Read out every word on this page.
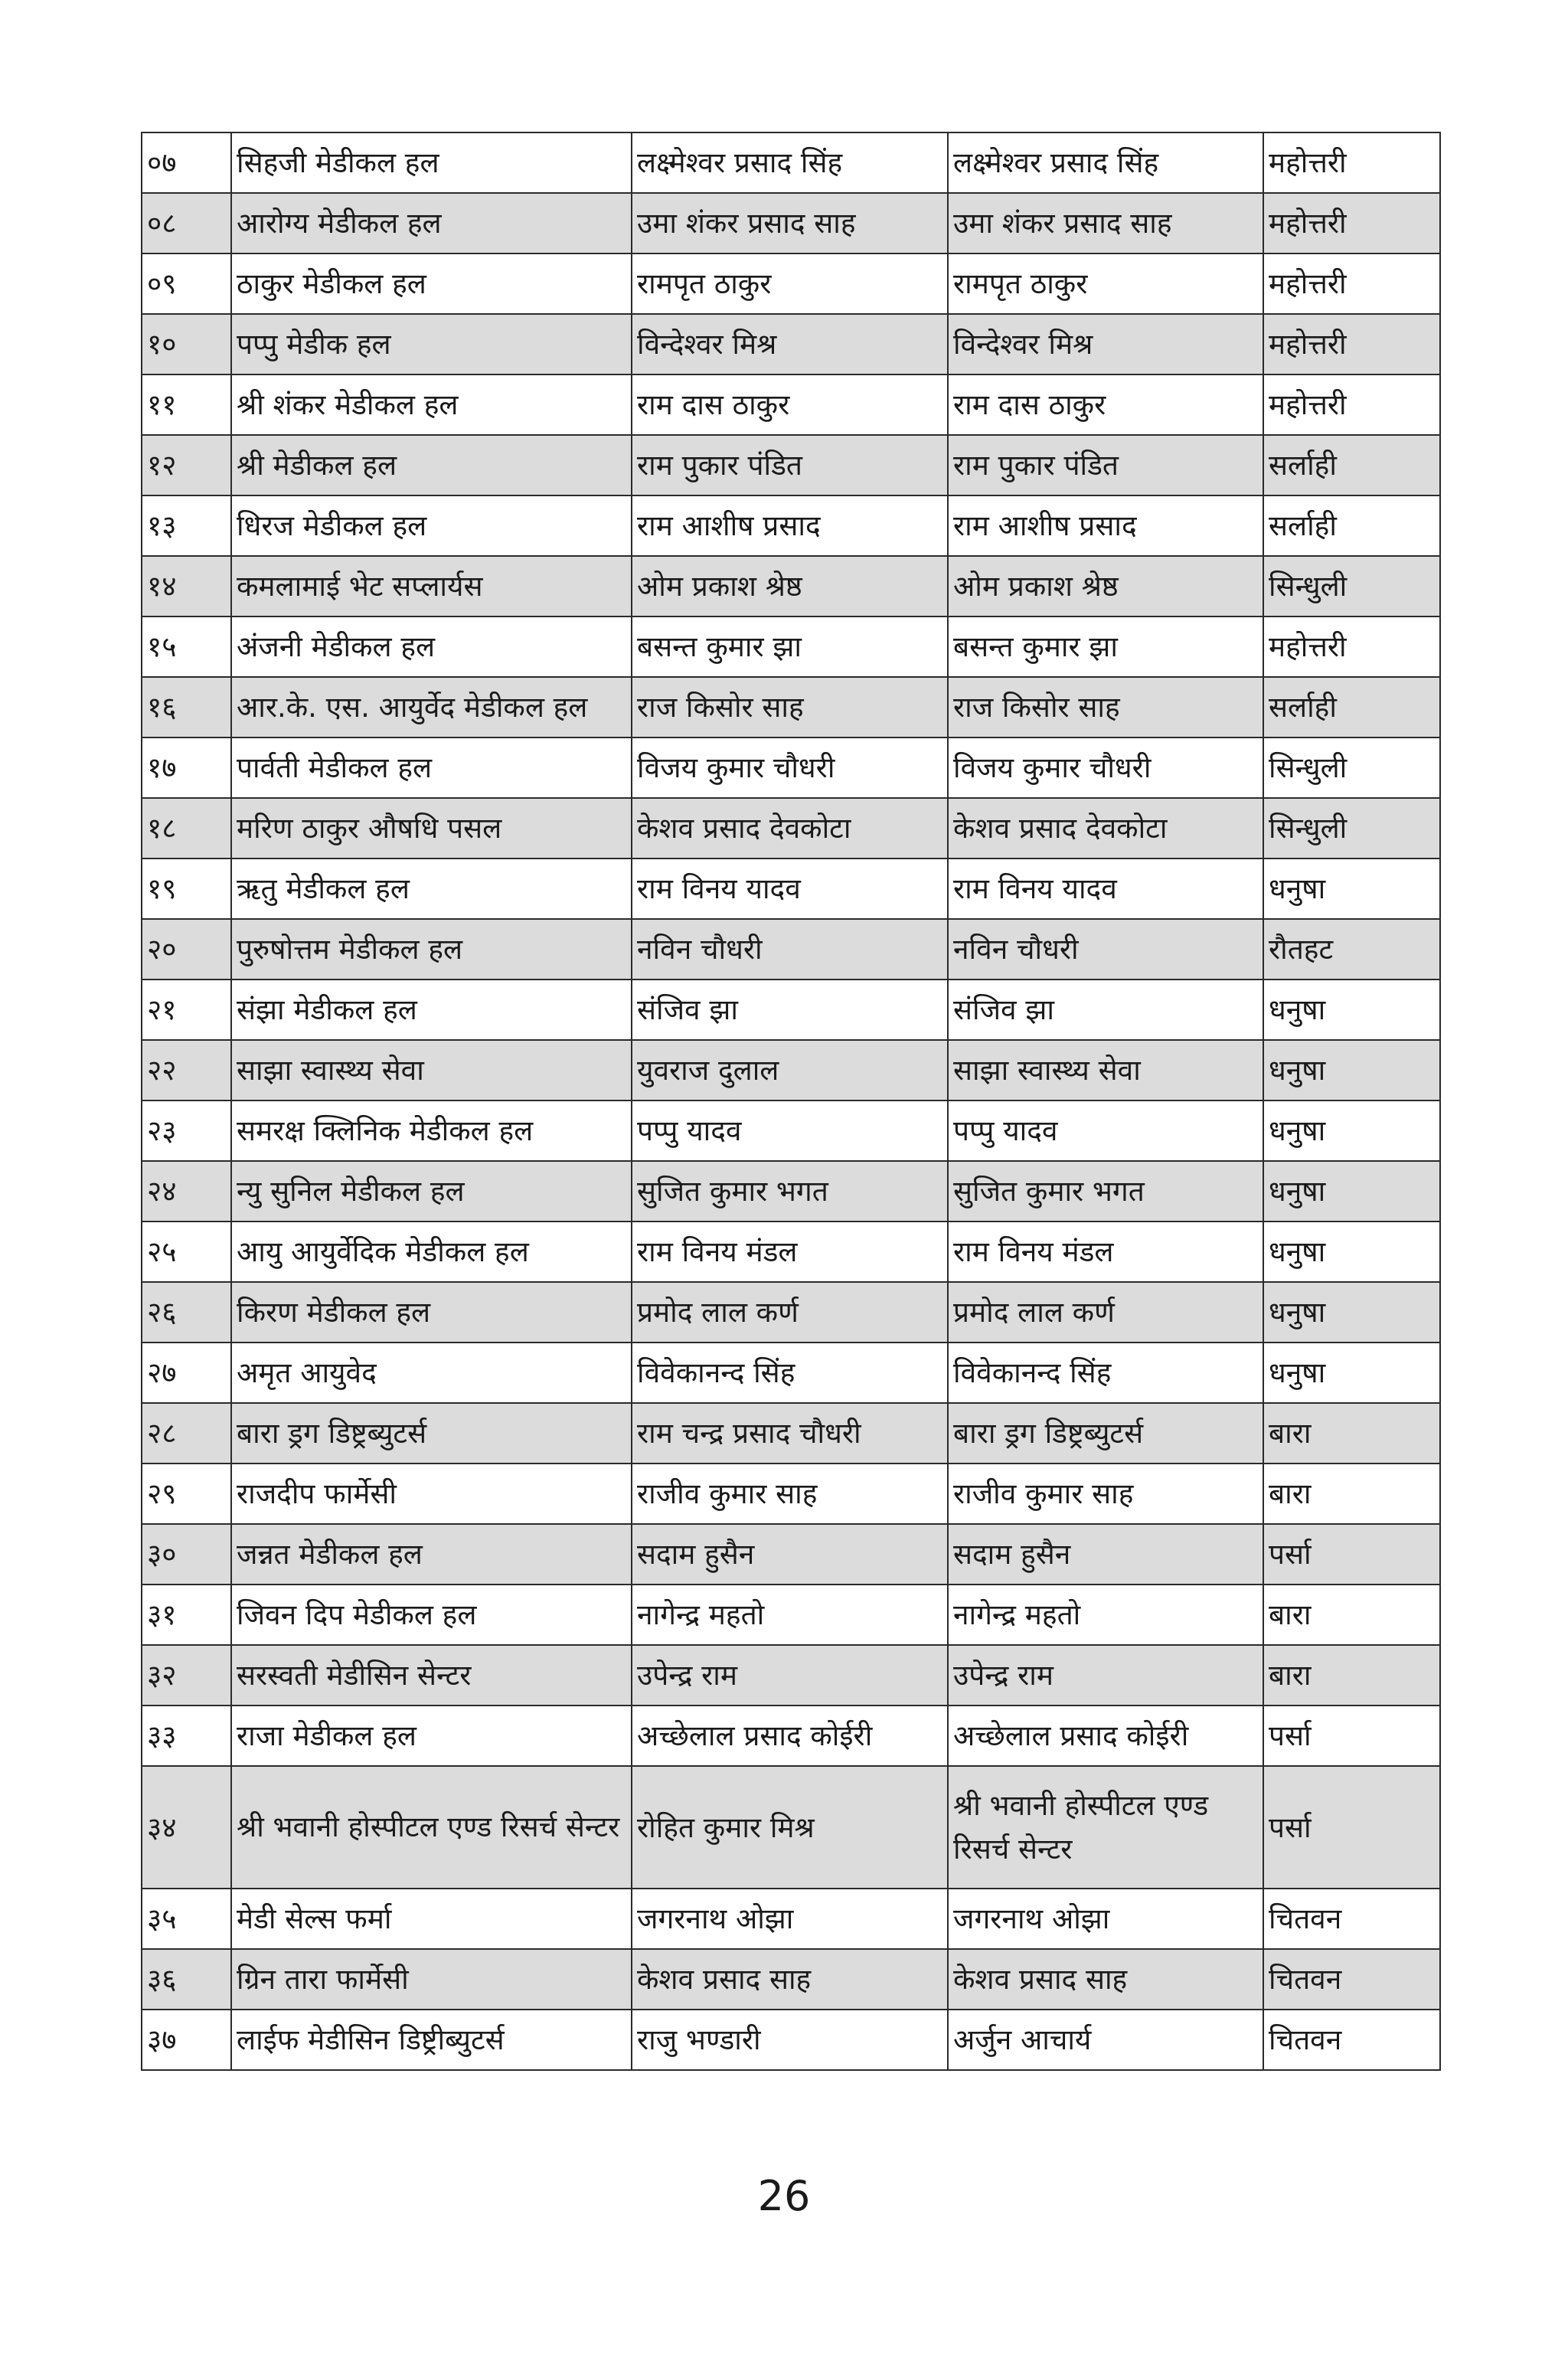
०७	सिहजी मेडीकल हल	लक्ष्मेश्वर प्रसाद सिंह	लक्ष्मेश्वर प्रसाद सिंह	महोत्तरी
०८	आरोग्य मेडीकल हल	उमा शंकर प्रसाद साह	उमा शंकर प्रसाद साह	महोत्तरी
०९	ठाकुर मेडीकल हल	रामपृत ठाकुर	रामपृत ठाकुर	महोत्तरी
१०	पप्पु मेडीक हल	विन्देश्वर मिश्र	विन्देश्वर मिश्र	महोत्तरी
११	श्री शंकर मेडीकल हल	राम दास ठाकुर	राम दास ठाकुर	महोत्तरी
१२	श्री मेडीकल हल	राम पुकार पंडित	राम पुकार पंडित	सर्लाही
१३	धिरज मेडीकल हल	राम आशीष प्रसाद	राम आशीष प्रसाद	सर्लाही
१४	कमलामाई भेट सप्लार्यस	ओम प्रकाश श्रेष्ठ	ओम प्रकाश श्रेष्ठ	सिन्धुली
१५	अंजनी मेडीकल हल	बसन्त कुमार झा	बसन्त कुमार झा	महोत्तरी
१६	आर.के. एस. आयुर्वेद मेडीकल हल	राज किसोर साह	राज किसोर साह	सर्लाही
१७	पार्वती मेडीकल हल	विजय कुमार चौधरी	विजय कुमार चौधरी	सिन्धुली
१८	मरिण ठाकुर औषधि पसल	केशव प्रसाद देवकोटा	केशव प्रसाद देवकोटा	सिन्धुली
१९	ऋतु मेडीकल हल	राम विनय यादव	राम विनय यादव	धनुषा
२०	पुरुषोत्तम मेडीकल हल	नविन चौधरी	नविन चौधरी	रौतहट
२१	संझा मेडीकल हल	संजिव झा	संजिव झा	धनुषा
२२	साझा स्वास्थ्य सेवा	युवराज दुलाल	साझा स्वास्थ्य सेवा	धनुषा
२३	समरक्ष क्लिनिक मेडीकल हल	पप्पु यादव	पप्पु यादव	धनुषा
२४	न्यु सुनिल मेडीकल हल	सुजित कुमार भगत	सुजित कुमार भगत	धनुषा
२५	आयु आयुर्वेदिक मेडीकल हल	राम विनय मंडल	राम विनय मंडल	धनुषा
२६	किरण मेडीकल हल	प्रमोद लाल कर्ण	प्रमोद लाल कर्ण	धनुषा
२७	अमृत आयुवेद	विवेकानन्द सिंह	विवेकानन्द सिंह	धनुषा
२८	बारा ड्रग डिष्ट्रब्युटर्स	राम चन्द्र प्रसाद चौधरी	बारा ड्रग डिष्ट्रब्युटर्स	बारा
२९	राजदीप फार्मेसी	राजीव कुमार साह	राजीव कुमार साह	बारा
३०	जन्नत मेडीकल हल	सदाम हुसैन	सदाम हुसैन	पर्सा
३१	जिवन दिप मेडीकल हल	नागेन्द्र महतो	नागेन्द्र महतो	बारा
३२	सरस्वती मेडीसिन सेन्टर	उपेन्द्र राम	उपेन्द्र राम	बारा
३३	राजा मेडीकल हल	अच्छेलाल प्रसाद कोईरी	अच्छेलाल प्रसाद कोईरी	पर्सा
३४	श्री भवानी होस्पीटल एण्ड रिसर्च सेन्टर	रोहित कुमार मिश्र	श्री भवानी होस्पीटल एण्ड रिसर्च सेन्टर	पर्सा
३५	मेडी सेल्स फर्मा	जगरनाथ ओझा	जगरनाथ ओझा	चितवन
३६	ग्रिन तारा फार्मेसी	केशव प्रसाद साह	केशव प्रसाद साह	चितवन
३७	लाईफ मेडीसिन डिष्ट्रीब्युटर्स	राजु भण्डारी	अर्जुन आचार्य	चितवन
26
